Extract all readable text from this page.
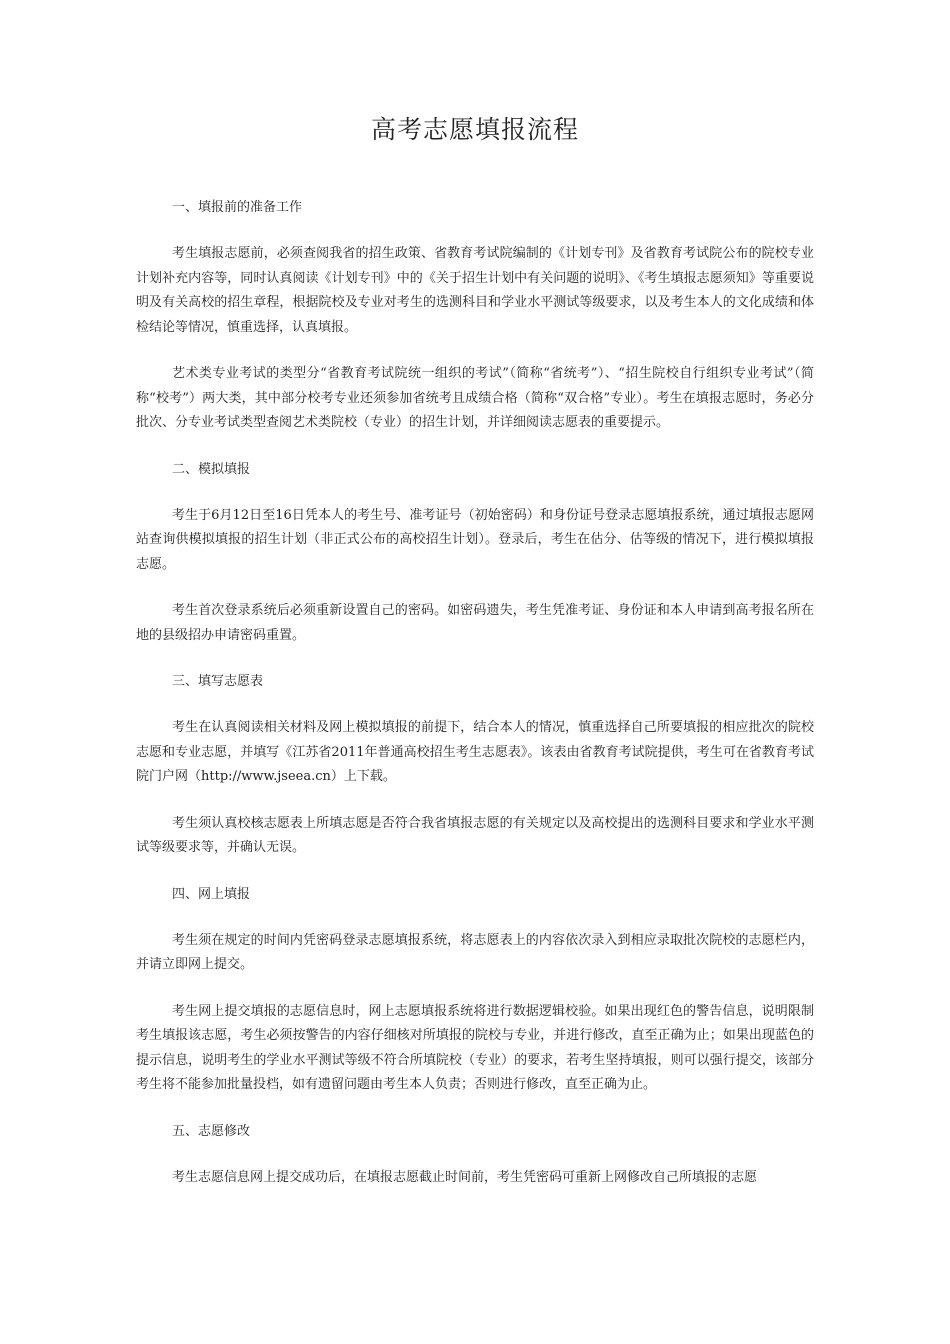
高考志愿填报流程

一、填报前的准备工作

考生填报志愿前，必须查阅我省的招生政策、省教育考试院编制的《计划专刊》及省教育考试院公布的院校专业计划补充内容等，同时认真阅读《计划专刊》中的《关于招生计划中有关问题的说明》、《考生填报志愿须知》等重要说明及有关高校的招生章程，根据院校及专业对考生的选测科目和学业水平测试等级要求，以及考生本人的文化成绩和体检结论等情况，慎重选择，认真填报。

艺术类专业考试的类型分“省教育考试院统一组织的考试”（简称“省统考”）、“招生院校自行组织专业考试”（简称“校考”）两大类，其中部分校考专业还须参加省统考且成绩合格（简称“双合格”专业）。考生在填报志愿时，务必分批次、分专业考试类型查阅艺术类院校（专业）的招生计划，并详细阅读志愿表的重要提示。

二、模拟填报

考生于6月12日至16日凭本人的考生号、准考证号（初始密码）和身份证号登录志愿填报系统，通过填报志愿网站查询供模拟填报的招生计划（非正式公布的高校招生计划）。登录后，考生在估分、估等级的情况下，进行模拟填报志愿。

考生首次登录系统后必须重新设置自己的密码。如密码遗失，考生凭准考证、身份证和本人申请到高考报名所在地的县级招办申请密码重置。

三、填写志愿表

考生在认真阅读相关材料及网上模拟填报的前提下，结合本人的情况，慎重选择自己所要填报的相应批次的院校志愿和专业志愿，并填写《江苏省2011年普通高校招生考生志愿表》。该表由省教育考试院提供，考生可在省教育考试院门户网（http://www.jseea.cn）上下载。

考生须认真校核志愿表上所填志愿是否符合我省填报志愿的有关规定以及高校提出的选测科目要求和学业水平测试等级要求等，并确认无误。

四、网上填报

考生须在规定的时间内凭密码登录志愿填报系统，将志愿表上的内容依次录入到相应录取批次院校的志愿栏内，并请立即网上提交。

考生网上提交填报的志愿信息时，网上志愿填报系统将进行数据逻辑校验。如果出现红色的警告信息，说明限制考生填报该志愿，考生必须按警告的内容仔细核对所填报的院校与专业，并进行修改，直至正确为止；如果出现蓝色的提示信息，说明考生的学业水平测试等级不符合所填院校（专业）的要求，若考生坚持填报，则可以强行提交，该部分考生将不能参加批量投档，如有遗留问题由考生本人负责；否则进行修改，直至正确为止。

五、志愿修改

考生志愿信息网上提交成功后，在填报志愿截止时间前，考生凭密码可重新上网修改自己所填报的志愿
